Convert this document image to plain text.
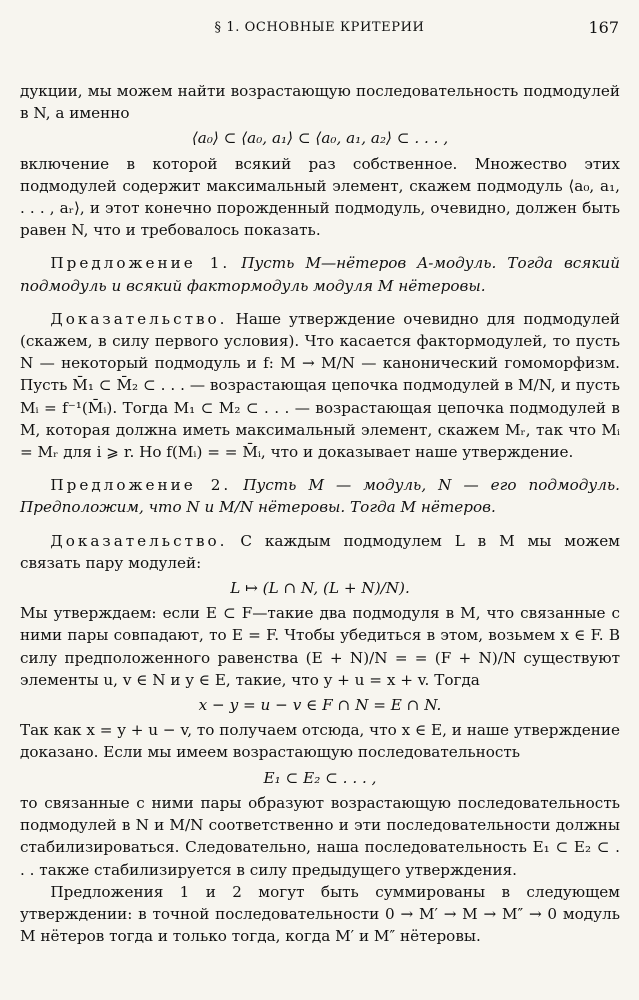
§ 1. ОСНОВНЫЕ КРИТЕРИИ	167

дукции, мы можем найти возрастающую последовательность подмодулей в N, а именно

⟨a₀⟩ ⊂ ⟨a₀, a₁⟩ ⊂ ⟨a₀, a₁, a₂⟩ ⊂ . . . ,

включение в которой всякий раз собственное. Множество этих подмодулей содержит максимальный элемент, скажем подмодуль ⟨a₀, a₁, . . . , aᵣ⟩, и этот конечно порожденный подмодуль, очевидно, должен быть равен N, что и требовалось показать.

Предложение 1. Пусть M—нётеров A-модуль. Тогда всякий подмодуль и всякий фактормодуль модуля M нётеровы.

Доказательство. Наше утверждение очевидно для подмодулей (скажем, в силу первого условия). Что касается фактормодулей, то пусть N — некоторый подмодуль и f: M → M/N — канонический гомоморфизм. Пусть M̄₁ ⊂ M̄₂ ⊂ . . . — возрастающая цепочка подмодулей в M/N, и пусть Mᵢ = f⁻¹(M̄ᵢ). Тогда M₁ ⊂ M₂ ⊂ . . . — возрастающая цепочка подмодулей в M, которая должна иметь максимальный элемент, скажем Mᵣ, так что Mᵢ = Mᵣ для i ⩾ r. Но f(Mᵢ) = = M̄ᵢ, что и доказывает наше утверждение.

Предложение 2. Пусть M — модуль, N — его подмодуль. Предположим, что N и M/N нётеровы. Тогда M нётеров.

Доказательство. С каждым подмодулем L в M мы можем связать пару модулей:

L ↦ (L ∩ N, (L + N)/N).

Мы утверждаем: если E ⊂ F—такие два подмодуля в M, что связанные с ними пары совпадают, то E = F. Чтобы убедиться в этом, возьмем x ∈ F. В силу предположенного равенства (E + N)/N = = (F + N)/N существуют элементы u, v ∈ N и y ∈ E, такие, что y + u = x + v. Тогда

x − y = u − v ∈ F ∩ N = E ∩ N.

Так как x = y + u − v, то получаем отсюда, что x ∈ E, и наше утверждение доказано. Если мы имеем возрастающую последовательность

E₁ ⊂ E₂ ⊂ . . . ,

то связанные с ними пары образуют возрастающую последовательность подмодулей в N и M/N соответственно и эти последовательности должны стабилизироваться. Следовательно, наша последовательность E₁ ⊂ E₂ ⊂ . . . также стабилизируется в силу предыдущего утверждения.

Предложения 1 и 2 могут быть суммированы в следующем утверждении: в точной последовательности 0 → M′ → M → M″ → 0 модуль M нётеров тогда и только тогда, когда M′ и M″ нётеровы.
